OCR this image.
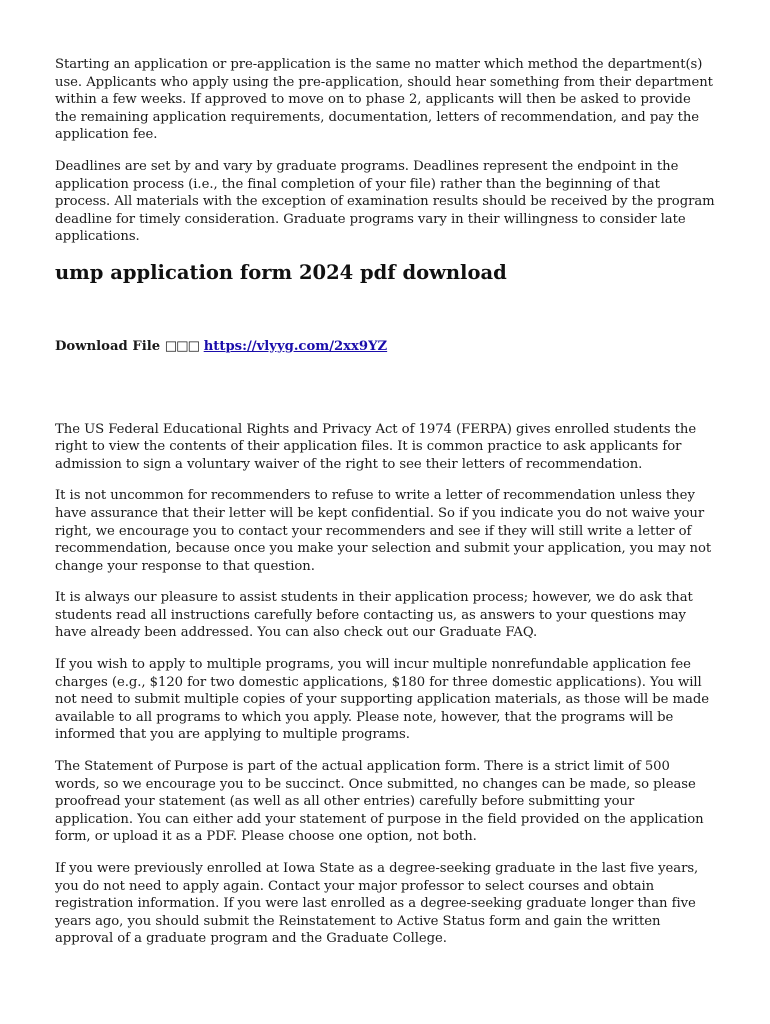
Starting an application or pre-application is the same no matter which method the department(s) use. Applicants who apply using the pre-application, should hear something from their department within a few weeks. If approved to move on to phase 2, applicants will then be asked to provide the remaining application requirements, documentation, letters of recommendation, and pay the application fee.

Deadlines are set by and vary by graduate programs. Deadlines represent the endpoint in the application process (i.e., the final completion of your file) rather than the beginning of that process. All materials with the exception of examination results should be received by the program deadline for timely consideration. Graduate programs vary in their willingness to consider late applications.

ump application form 2024 pdf download
Download File □□□ https://vlyyg.com/2xx9YZ

The US Federal Educational Rights and Privacy Act of 1974 (FERPA) gives enrolled students the right to view the contents of their application files. It is common practice to ask applicants for admission to sign a voluntary waiver of the right to see their letters of recommendation.

It is not uncommon for recommenders to refuse to write a letter of recommendation unless they have assurance that their letter will be kept confidential. So if you indicate you do not waive your right, we encourage you to contact your recommenders and see if they will still write a letter of recommendation, because once you make your selection and submit your application, you may not change your response to that question.

It is always our pleasure to assist students in their application process; however, we do ask that students read all instructions carefully before contacting us, as answers to your questions may have already been addressed. You can also check out our Graduate FAQ.

If you wish to apply to multiple programs, you will incur multiple nonrefundable application fee charges (e.g., $120 for two domestic applications, $180 for three domestic applications). You will not need to submit multiple copies of your supporting application materials, as those will be made available to all programs to which you apply. Please note, however, that the programs will be informed that you are applying to multiple programs.

The Statement of Purpose is part of the actual application form. There is a strict limit of 500 words, so we encourage you to be succinct. Once submitted, no changes can be made, so please proofread your statement (as well as all other entries) carefully before submitting your application. You can either add your statement of purpose in the field provided on the application form, or upload it as a PDF. Please choose one option, not both.

If you were previously enrolled at Iowa State as a degree-seeking graduate in the last five years, you do not need to apply again. Contact your major professor to select courses and obtain registration information. If you were last enrolled as a degree-seeking graduate longer than five years ago, you should submit the Reinstatement to Active Status form and gain the written approval of a graduate program and the Graduate College.
